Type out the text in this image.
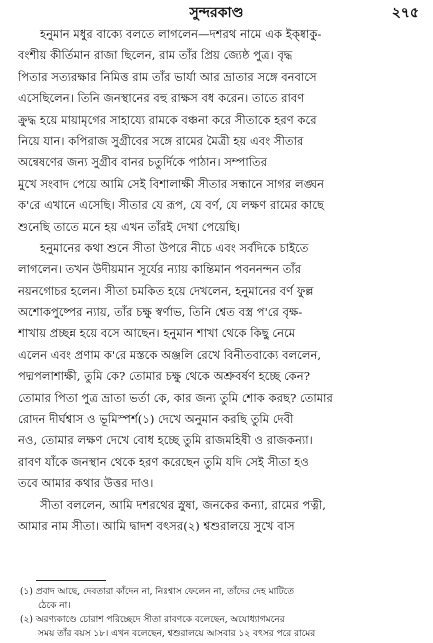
সুন্দরকাণ্ড	২৭৫
হনুমান মধুর বাক্যে বলতে লাগলেন—দশরথ নামে এক ইক্ষ্বাকু-
বংশীয় কীর্তিমান রাজা ছিলেন, রাম তাঁর প্রিয় জ্যেষ্ঠ পুত্র। বৃদ্ধ
পিতার সত্যরক্ষার নিমিত্ত রাম তাঁর ভার্যা আর ভ্রাতার সঙ্গে বনবাসে
এসেছিলেন। তিনি জনস্থানের বহু রাক্ষস বধ করেন। তাতে রাবণ
ক্রুদ্ধ হয়ে মায়ামৃগের সাহায্যে রামকে বঞ্চনা করে সীতাকে হরণ করে
নিয়ে যান। কপিরাজ সুগ্রীবের সঙ্গে রামের মৈত্রী হয় এবং সীতার
অন্বেষণের জন্য সুগ্রীব বানর চতুর্দিকে পাঠান। সম্পাতির
মুখে সংবাদ পেয়ে আমি সেই বিশালাক্ষী সীতার সন্ধানে সাগর লঙ্ঘন
ক'রে এখানে এসেছি। সীতার যে রূপ, যে বর্ণ, যে লক্ষণ রামের কাছে
শুনেছি তাতে মনে হয় এখন তাঁরই দেখা পেয়েছি।
হনুমানের কথা শুনে সীতা উপরে নীচে এবং সর্বদিকে চাইতে
লাগলেন। তখন উদীয়মান সূর্যের ন্যায় কান্তিমান পবননন্দন তাঁর
নয়নগোচর হলেন। সীতা চমকিত হয়ে দেখলেন, হনুমানের বর্ণ ফুল্ল
অশোকপুষ্পের ন্যায়, তাঁর চক্ষু স্বর্ণাভ, তিনি শ্বেত বস্ত্র প'রে বৃক্ষ-
শাখায় প্রচ্ছন্ন হয়ে বসে আছেন। হনুমান শাখা থেকে কিছু নেমে
এলেন এবং প্রণাম ক'রে মস্তকে অঞ্জলি রেখে বিনীতবাক্যে বললেন,
পদ্মপলাশাক্ষী, তুমি কে? তোমার চক্ষু থেকে অশ্রুবর্ষণ হচ্ছে কেন?
তোমার পিতা পুত্র ভ্রাতা ভর্তা কে, কার জন্য তুমি শোক করছ? তোমার
রোদন দীর্ঘশ্বাস ও ভূমিস্পর্শ(১) দেখে অনুমান করছি তুমি দেবী
নও, তোমার লক্ষণ দেখে বোধ হচ্ছে তুমি রাজমহিষী ও রাজকন্যা।
রাবণ যাঁকে জনস্থান থেকে হরণ করেছেন তুমি যদি সেই সীতা হও
তবে আমার কথার উত্তর দাও।
সীতা বললেন, আমি দশরথের স্নুষা, জনকের কন্যা, রামের পত্নী,
আমার নাম সীতা। আমি দ্বাদশ বৎসর(২) শ্বশুরালয়ে সুখে বাস
(১) প্রবাদ আছে, দেবতারা কাঁদেন না, নিঃশ্বাস ফেলেন না, তাঁদের দেহ মাটিতে
ঠেকে না।
(২) অরণ্যকাণ্ডে চোরাশ পরিচ্ছেদে সীতা রাবণকে বলেছেন, অযোধ্যাগমনের
সময় তাঁর বয়স ১৮। এখন বলেছেন, শ্বশুরালয়ে আসবার ১২ বৎসর পরে রামের
